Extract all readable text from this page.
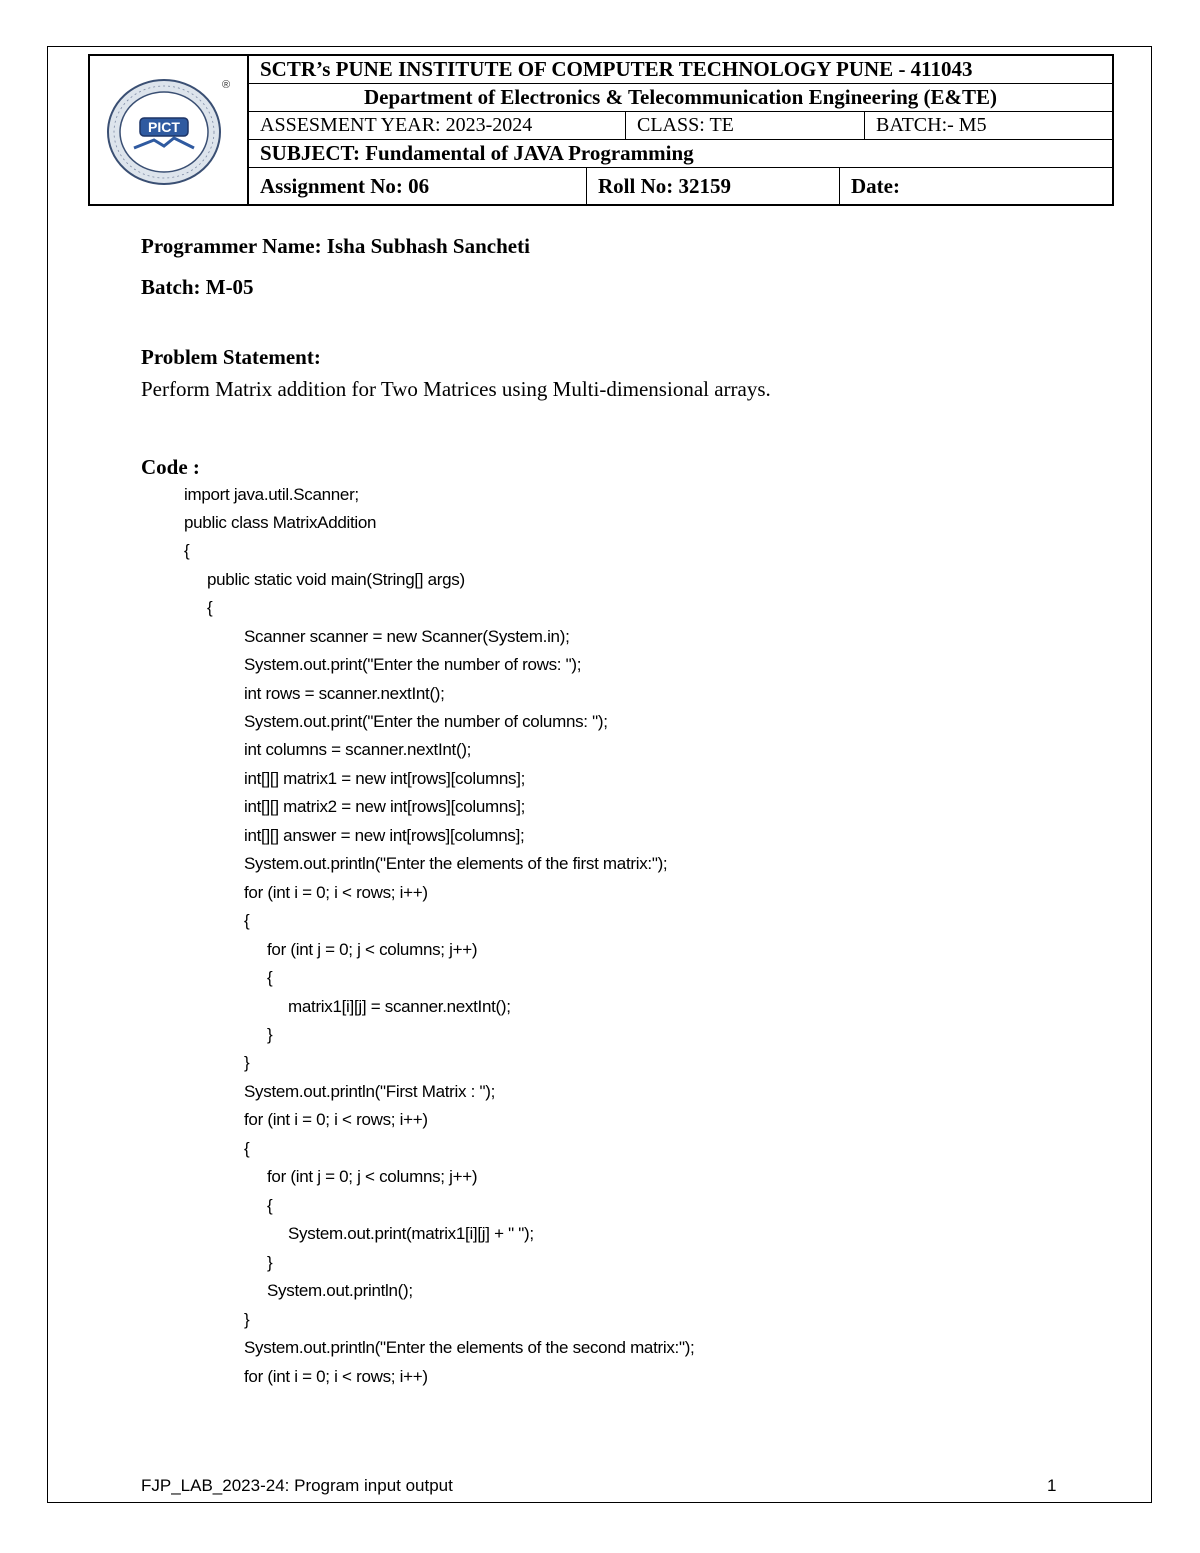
PICT
®
SCTR’s PUNE INSTITUTE OF COMPUTER TECHNOLOGY PUNE - 411043
Department of Electronics & Telecommunication Engineering (E&TE)
ASSESMENT YEAR: 2023-2024	CLASS: TE	BATCH:- M5
SUBJECT: Fundamental of JAVA Programming
Assignment No: 06	Roll No: 32159	Date:
Programmer Name: Isha Subhash Sancheti
Batch: M-05
Problem Statement:
Perform Matrix addition for Two Matrices using Multi-dimensional arrays.
Code :
import java.util.Scanner;
public class MatrixAddition
{
public static void main(String[] args)
{
Scanner scanner = new Scanner(System.in);
System.out.print("Enter the number of rows: ");
int rows = scanner.nextInt();
System.out.print("Enter the number of columns: ");
int columns = scanner.nextInt();
int[][] matrix1 = new int[rows][columns];
int[][] matrix2 = new int[rows][columns];
int[][] answer = new int[rows][columns];
System.out.println("Enter the elements of the first matrix:");
for (int i = 0; i < rows; i++)
{
for (int j = 0; j < columns; j++)
{
matrix1[i][j] = scanner.nextInt();
}
}
System.out.println("First Matrix : ");
for (int i = 0; i < rows; i++)
{
for (int j = 0; j < columns; j++)
{
System.out.print(matrix1[i][j] + " ");
}
System.out.println();
}
System.out.println("Enter the elements of the second matrix:");
for (int i = 0; i < rows; i++)
FJP_LAB_2023-24: Program input output	1
